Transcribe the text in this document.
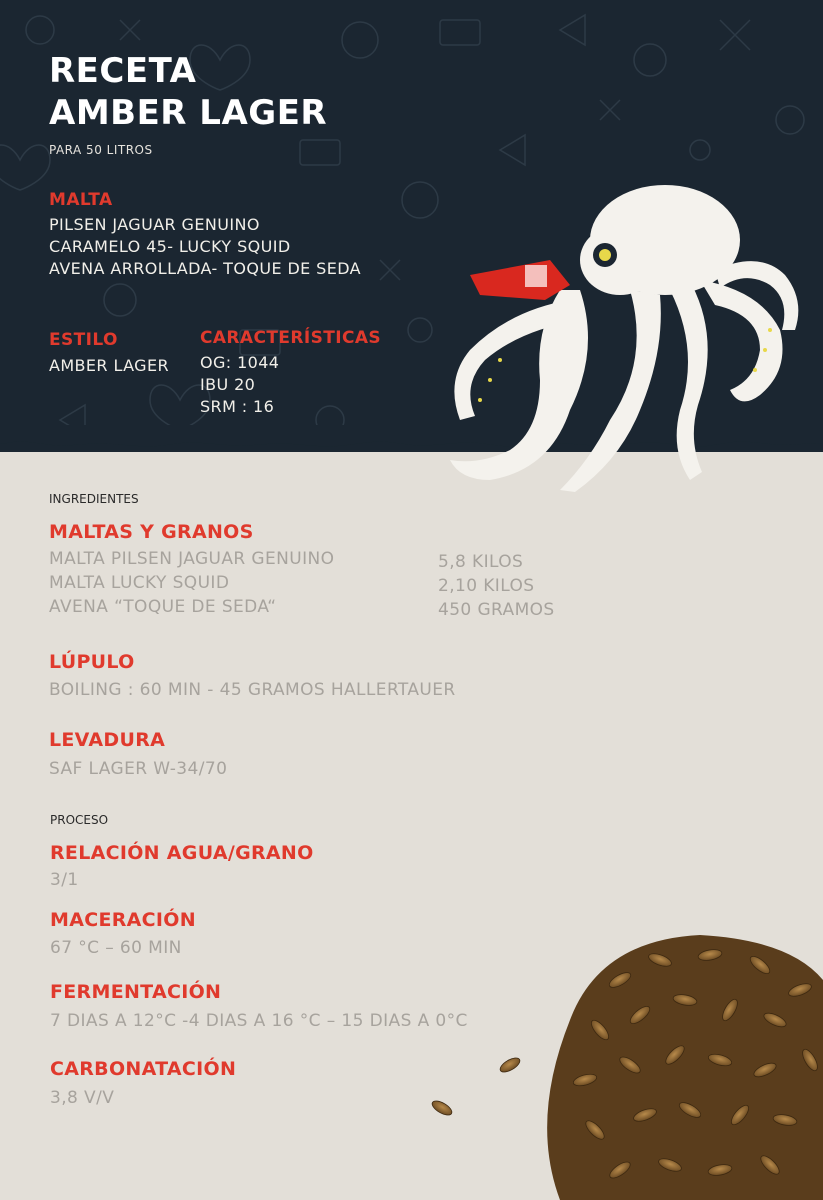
RECETA
AMBER LAGER
PARA 50 LITROS
MALTA
PILSEN JAGUAR GENUINO
CARAMELO 45- LUCKY SQUID
AVENA ARROLLADA- TOQUE DE SEDA
ESTILO
AMBER LAGER
CARACTERÍSTICAS
OG: 1044
IBU 20
SRM : 16
INGREDIENTES
MALTAS Y GRANOS
MALTA PILSEN JAGUAR GENUINO
MALTA LUCKY SQUID
AVENA “TOQUE DE SEDA“
5,8 KILOS
2,10 KILOS
450 GRAMOS
LÚPULO
BOILING : 60 MIN - 45 GRAMOS HALLERTAUER
LEVADURA
SAF LAGER W-34/70
PROCESO
RELACIÓN AGUA/GRANO
3/1
MACERACIÓN
67 °C – 60 MIN
FERMENTACIÓN
7 DIAS A 12°C -4 DIAS A 16 °C – 15 DIAS A 0°C
CARBONATACIÓN
3,8 V/V
